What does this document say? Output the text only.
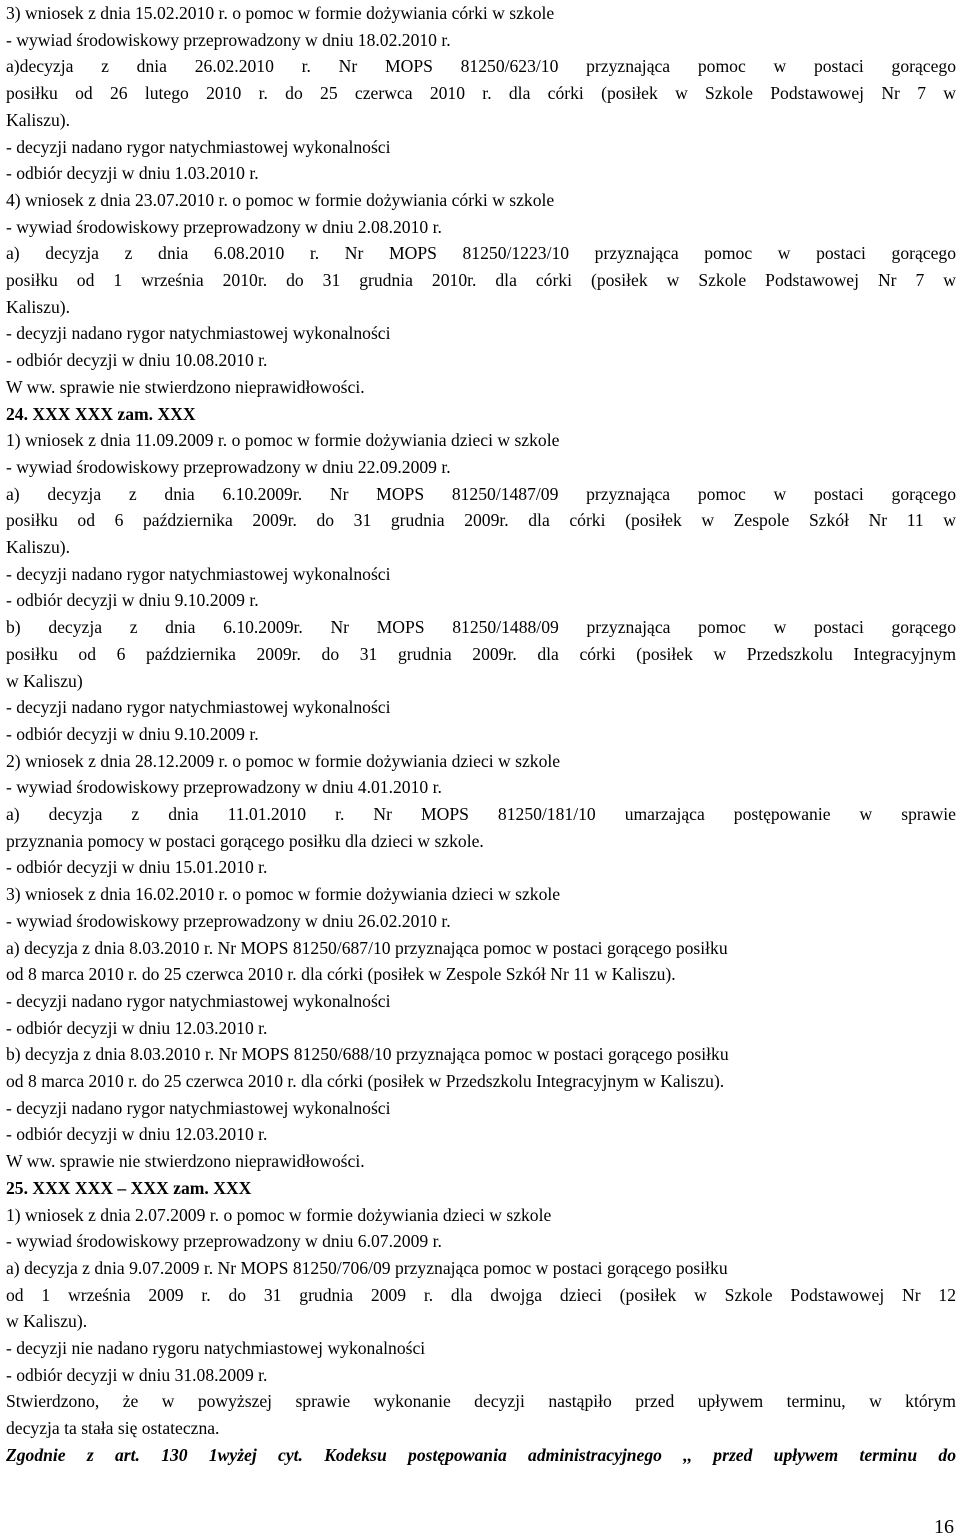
3) wniosek z dnia 15.02.2010 r. o pomoc w formie dożywiania córki w szkole
- wywiad środowiskowy przeprowadzony w dniu 18.02.2010 r.
a)decyzja z dnia 26.02.2010 r. Nr MOPS 81250/623/10 przyznająca pomoc w postaci gorącego
posiłku od 26 lutego 2010 r. do 25 czerwca 2010 r. dla córki (posiłek w Szkole Podstawowej Nr 7 w
Kaliszu).
- decyzji nadano rygor natychmiastowej wykonalności
- odbiór decyzji w dniu 1.03.2010 r.
4) wniosek z dnia 23.07.2010 r. o pomoc w formie dożywiania córki w szkole
- wywiad środowiskowy przeprowadzony w dniu 2.08.2010 r.
a) decyzja z dnia 6.08.2010 r. Nr MOPS 81250/1223/10 przyznająca pomoc w postaci gorącego
posiłku od 1 września 2010r. do 31 grudnia 2010r. dla córki (posiłek w Szkole Podstawowej Nr 7 w
Kaliszu).
- decyzji nadano rygor natychmiastowej wykonalności
- odbiór decyzji w dniu 10.08.2010 r.
W ww. sprawie nie stwierdzono nieprawidłowości.
24. XXX XXX zam. XXX
1) wniosek z dnia 11.09.2009 r. o pomoc w formie dożywiania dzieci w szkole
- wywiad środowiskowy przeprowadzony w dniu 22.09.2009 r.
a) decyzja z dnia 6.10.2009r. Nr MOPS 81250/1487/09 przyznająca pomoc w postaci gorącego
posiłku od 6 października 2009r. do 31 grudnia 2009r. dla córki (posiłek w Zespole Szkół Nr 11 w
Kaliszu).
- decyzji nadano rygor natychmiastowej wykonalności
- odbiór decyzji w dniu 9.10.2009 r.
b) decyzja z dnia 6.10.2009r. Nr MOPS 81250/1488/09 przyznająca pomoc w postaci gorącego
posiłku od 6 października 2009r. do 31 grudnia 2009r. dla córki (posiłek w Przedszkolu Integracyjnym
w Kaliszu)
- decyzji nadano rygor natychmiastowej wykonalności
- odbiór decyzji w dniu 9.10.2009 r.
2) wniosek z dnia 28.12.2009 r. o pomoc w formie dożywiania dzieci w szkole
- wywiad środowiskowy przeprowadzony w dniu 4.01.2010 r.
a) decyzja z dnia 11.01.2010 r. Nr MOPS 81250/181/10 umarzająca postępowanie w sprawie
przyznania pomocy w postaci gorącego posiłku dla dzieci w szkole.
- odbiór decyzji w dniu 15.01.2010 r.
3) wniosek z dnia 16.02.2010 r. o pomoc w formie dożywiania dzieci w szkole
- wywiad środowiskowy przeprowadzony w dniu 26.02.2010 r.
a) decyzja z dnia 8.03.2010 r. Nr MOPS 81250/687/10 przyznająca pomoc w postaci gorącego posiłku
od 8 marca 2010 r. do 25 czerwca 2010 r. dla córki (posiłek w Zespole Szkół Nr 11 w Kaliszu).
- decyzji nadano rygor natychmiastowej wykonalności
- odbiór decyzji w dniu 12.03.2010 r.
b) decyzja z dnia 8.03.2010 r. Nr MOPS 81250/688/10 przyznająca pomoc w postaci gorącego posiłku
od 8 marca 2010 r. do 25 czerwca 2010 r. dla córki (posiłek w Przedszkolu Integracyjnym w Kaliszu).
- decyzji nadano rygor natychmiastowej wykonalności
- odbiór decyzji w dniu 12.03.2010 r.
W ww. sprawie nie stwierdzono nieprawidłowości.
25. XXX XXX – XXX zam. XXX
1) wniosek z dnia 2.07.2009 r. o pomoc w formie dożywiania dzieci w szkole
- wywiad środowiskowy przeprowadzony w dniu 6.07.2009 r.
a) decyzja z dnia 9.07.2009 r. Nr MOPS 81250/706/09 przyznająca pomoc w postaci gorącego posiłku
od 1 września 2009 r. do 31 grudnia 2009 r. dla dwojga dzieci (posiłek w Szkole Podstawowej Nr 12
w Kaliszu).
- decyzji nie nadano rygoru natychmiastowej wykonalności
- odbiór decyzji w dniu 31.08.2009 r.
Stwierdzono, że w powyższej sprawie wykonanie decyzji nastąpiło przed upływem terminu, w którym
decyzja ta stała się ostateczna.
Zgodnie z art. 130 1wyżej cyt. Kodeksu postępowania administracyjnego ,, przed upływem terminu do
16
